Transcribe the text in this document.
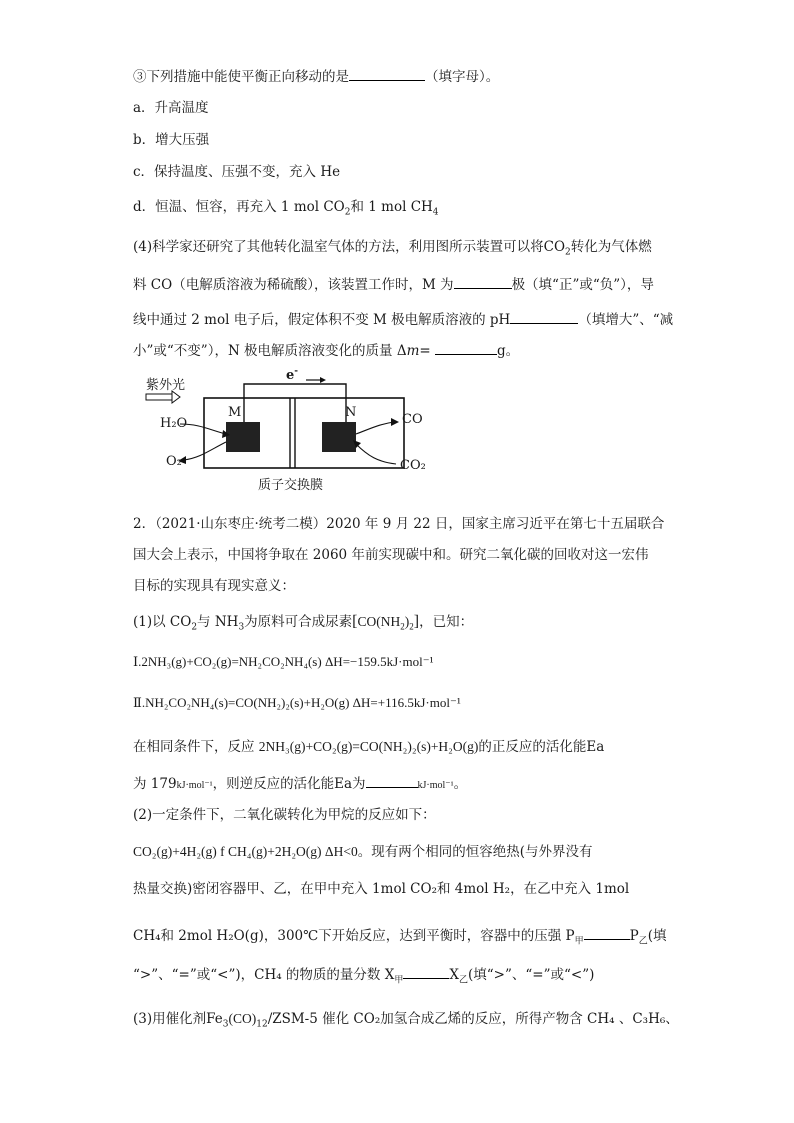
③下列措施中能使平衡正向移动的是	（填字母）。
a．升高温度
b．增大压强
c．保持温度、压强不变，充入 He
d．恒温、恒容，再充入 1 mol $CO_2$和 1 mol $CH_4$
(4)科学家还研究了其他转化温室气体的方法，利用图所示装置可以将$CO_2$转化为气体燃
料 CO（电解质溶液为稀硫酸），该装置工作时，M 为	极（填“正”或“负”），导
线中通过 2 mol 电子后，假定体积不变 M 极电解质溶液的 pH	（填增大”、“减
小”或“不变”），N 极电解质溶液变化的质量 Δm=	g。
e-
紫外光
H₂O
O₂
M	N	CO
CO₂
质子交换膜
2．（2021·山东枣庄·统考二模）2020 年 9 月 22 日，国家主席习近平在第七十五届联合
国大会上表示，中国将争取在 2060 年前实现碳中和。研究二氧化碳的回收对这一宏伟
目标的实现具有现实意义：
(1)以 $CO_2$与 $NH_3$为原料可合成尿素$[CO(NH_2)_2]$，已知：
Ⅰ.2NH₃(g)+CO₂(g)=NH₂CO₂NH₄(s) ΔH=−159.5kJ·mol⁻¹
Ⅱ.NH₂CO₂NH₄(s)=CO(NH₂)₂(s)+H₂O(g) ΔH=+116.5kJ·mol⁻¹
在相同条件下，反应 2NH₃(g)+CO₂(g)=CO(NH₂)₂(s)+H₂O(g)的正反应的活化能Ea
为 179kJ·mol⁻¹，则逆反应的活化能Ea为	kJ·mol⁻¹。
(2)一定条件下，二氧化碳转化为甲烷的反应如下：
CO₂(g)+4H₂(g) f CH₄(g)+2H₂O(g) ΔH<0。现有两个相同的恒容绝热(与外界没有
热量交换)密闭容器甲、乙，在甲中充入 1mol CO₂和 4mol H₂，在乙中充入 1mol
CH₄和 2mol H₂O(g)，300℃下开始反应，达到平衡时，容器中的压强 $P_甲$	$P_乙$(填
“>”、“=”或“<”)，CH₄ 的物质的量分数 $X_甲$	$X_乙$(填“>”、“=”或“<”)
(3)用催化剂$Fe_3(CO)_{12}/ZSM-5$ 催化 CO₂加氢合成乙烯的反应，所得产物含 CH₄ 、C₃H₆、
